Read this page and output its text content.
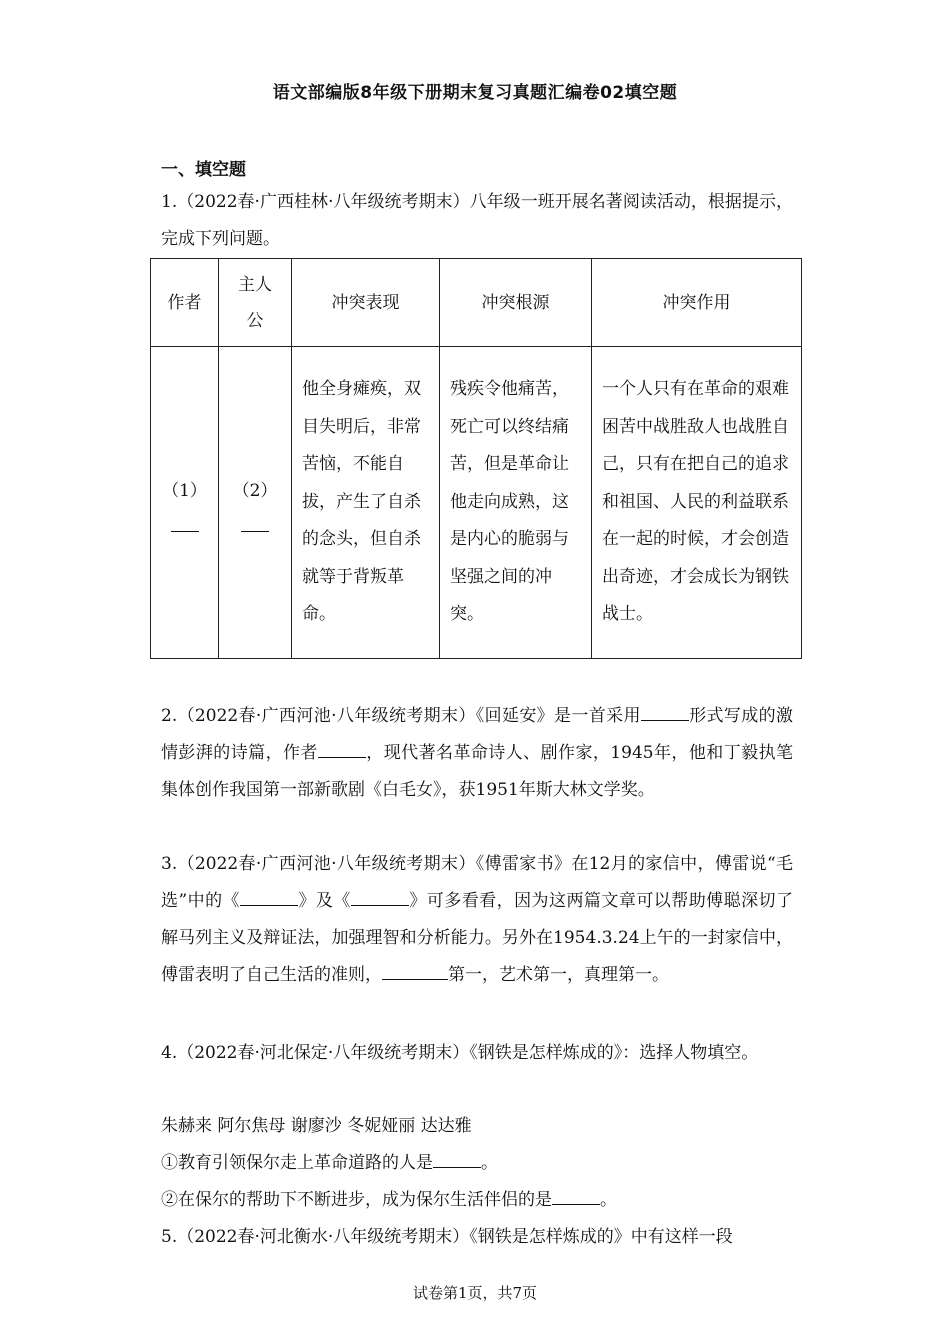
语文部编版8年级下册期末复习真题汇编卷02填空题
一、填空题
1.（2022春·广西桂林·八年级统考期末）八年级一班开展名著阅读活动，根据提示，完成下列问题。
作者	主人公	冲突表现	冲突根源	冲突作用

（1）	（2）	他全身瘫痪，双目失明后，非常苦恼，不能自拔，产生了自杀的念头，但自杀就等于背叛革命。	残疾令他痛苦，死亡可以终结痛苦，但是革命让他走向成熟，这是内心的脆弱与坚强之间的冲突。	一个人只有在革命的艰难困苦中战胜敌人也战胜自己，只有在把自己的追求和祖国、人民的利益联系在一起的时候，才会创造出奇迹，才会成长为钢铁战士。
2.（2022春·广西河池·八年级统考期末）《回延安》是一首采用	形式写成的激情彭湃的诗篇，作者	，现代著名革命诗人、剧作家，1945年，他和丁毅执笔集体创作我国第一部新歌剧《白毛女》，获1951年斯大林文学奖。
3.（2022春·广西河池·八年级统考期末）《傅雷家书》在12月的家信中，傅雷说“毛选”中的《	》及《	》可多看看，因为这两篇文章可以帮助傅聪深切了解马列主义及辩证法，加强理智和分析能力。另外在1954.3.24上午的一封家信中，傅雷表明了自己生活的准则，	第一，艺术第一，真理第一。
4.（2022春·河北保定·八年级统考期末）《钢铁是怎样炼成的》：选择人物填空。
朱赫来 阿尔焦母 谢廖沙 冬妮娅丽 达达雅
①教育引领保尔走上革命道路的人是	。
②在保尔的帮助下不断进步，成为保尔生活伴侣的是	。
5.（2022春·河北衡水·八年级统考期末）《钢铁是怎样炼成的》中有这样一段
试卷第1页，共7页
